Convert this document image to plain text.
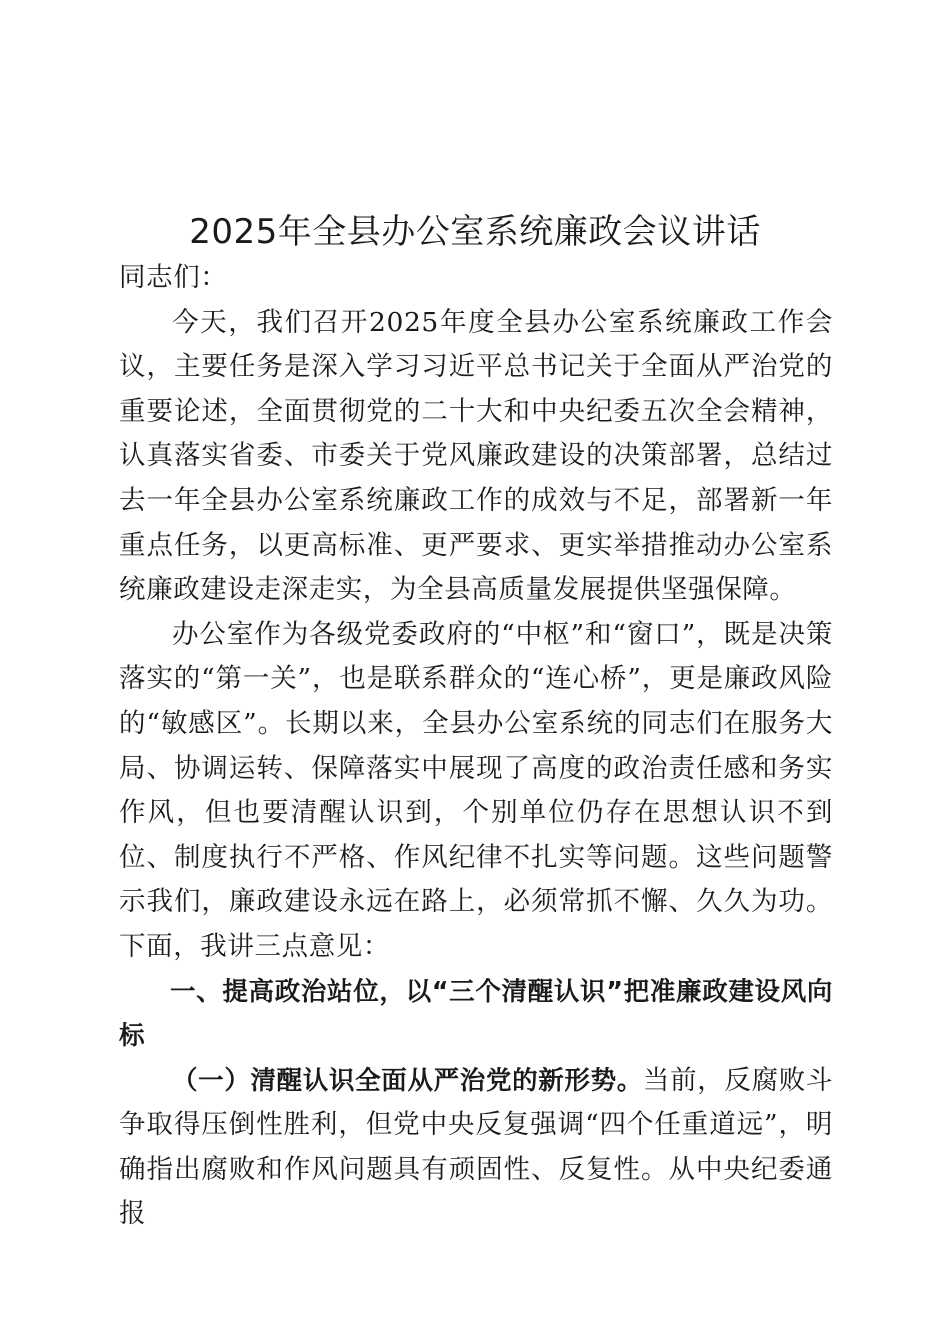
2025年全县办公室系统廉政会议讲话

同志们：

今天，我们召开2025年度全县办公室系统廉政工作会议，主要任务是深入学习习近平总书记关于全面从严治党的重要论述，全面贯彻党的二十大和中央纪委五次全会精神，认真落实省委、市委关于党风廉政建设的决策部署，总结过去一年全县办公室系统廉政工作的成效与不足，部署新一年重点任务，以更高标准、更严要求、更实举措推动办公室系统廉政建设走深走实，为全县高质量发展提供坚强保障。

办公室作为各级党委政府的“中枢”和“窗口”，既是决策落实的“第一关”，也是联系群众的“连心桥”，更是廉政风险的“敏感区”。长期以来，全县办公室系统的同志们在服务大局、协调运转、保障落实中展现了高度的政治责任感和务实作风，但也要清醒认识到，个别单位仍存在思想认识不到位、制度执行不严格、作风纪律不扎实等问题。这些问题警示我们，廉政建设永远在路上，必须常抓不懈、久久为功。下面，我讲三点意见：

一、提高政治站位，以“三个清醒认识”把准廉政建设风向标

（一）清醒认识全面从严治党的新形势。当前，反腐败斗争取得压倒性胜利，但党中央反复强调“四个任重道远”，明确指出腐败和作风问题具有顽固性、反复性。从中央纪委通报
